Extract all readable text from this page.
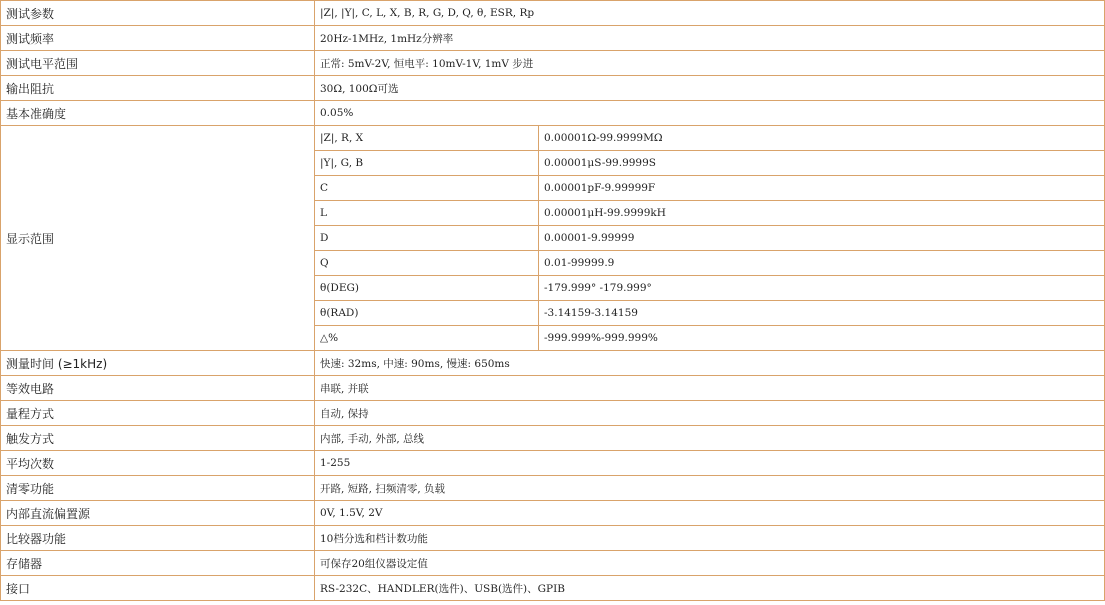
测试参数	|Z|, |Y|, C, L, X, B, R, G, D, Q, θ, ESR, Rp	
测试频率	20Hz-1MHz, 1mHz分辨率	
测试电平范围	正常: 5mV-2V, 恒电平: 10mV-1V, 1mV 步进	
输出阻抗	30Ω, 100Ω可选	
基本准确度	0.05%	
显示范围	|Z|, R, X	0.00001Ω-99.9999MΩ
	|Y|, G, B	0.00001μS-99.9999S
	C	0.00001pF-9.99999F
	L	0.00001μH-99.9999kH
	D	0.00001-9.99999
	Q	0.01-99999.9
	θ(DEG)	-179.999° -179.999°
	θ(RAD)	-3.14159-3.14159
	△%	-999.999%-999.999%
测量时间 (≥1kHz)	快速: 32ms, 中速: 90ms, 慢速: 650ms	
等效电路	串联, 并联	
量程方式	自动, 保持	
触发方式	内部, 手动, 外部, 总线	
平均次数	1-255	
清零功能	开路, 短路, 扫频清零, 负载	
内部直流偏置源	0V, 1.5V, 2V	
比较器功能	10档分选和档计数功能	
存储器	可保存20组仪器设定值	
接口	RS-232C、HANDLER(选件)、USB(选件)、GPIB	
